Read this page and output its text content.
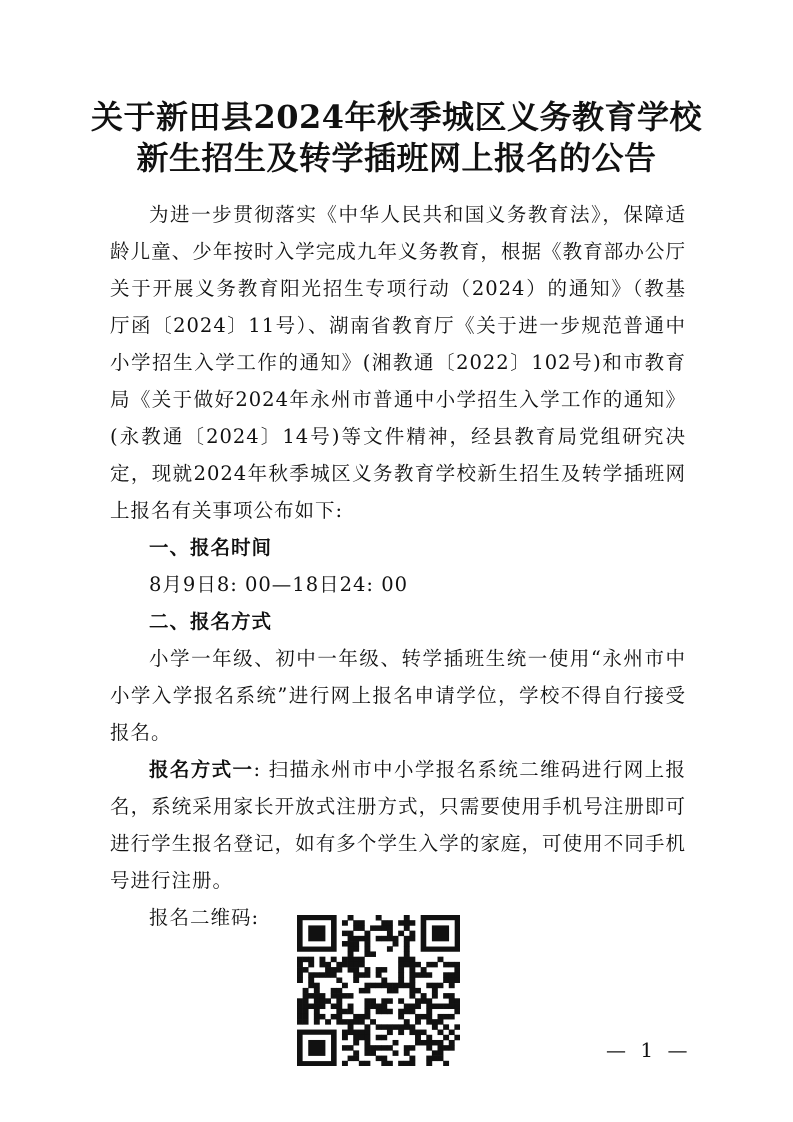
关于新田县2024年秋季城区义务教育学校
新生招生及转学插班网上报名的公告

为进一步贯彻落实《中华人民共和国义务教育法》，保障适龄儿童、少年按时入学完成九年义务教育，根据《教育部办公厅关于开展义务教育阳光招生专项行动（2024）的通知》（教基厅函〔2024〕11号）、湖南省教育厅《关于进一步规范普通中小学招生入学工作的通知》(湘教通〔2022〕102号)和市教育局《关于做好2024年永州市普通中小学招生入学工作的通知》(永教通〔2024〕14号)等文件精神，经县教育局党组研究决定，现就2024年秋季城区义务教育学校新生招生及转学插班网上报名有关事项公布如下:

一、报名时间

8月9日8: 00—18日24: 00

二、报名方式

小学一年级、初中一年级、转学插班生统一使用“永州市中小学入学报名系统”进行网上报名申请学位，学校不得自行接受报名。

报名方式一: 扫描永州市中小学报名系统二维码进行网上报名，系统采用家长开放式注册方式，只需要使用手机号注册即可进行学生报名登记，如有多个学生入学的家庭，可使用不同手机号进行注册。

报名二维码:

— 1 —
